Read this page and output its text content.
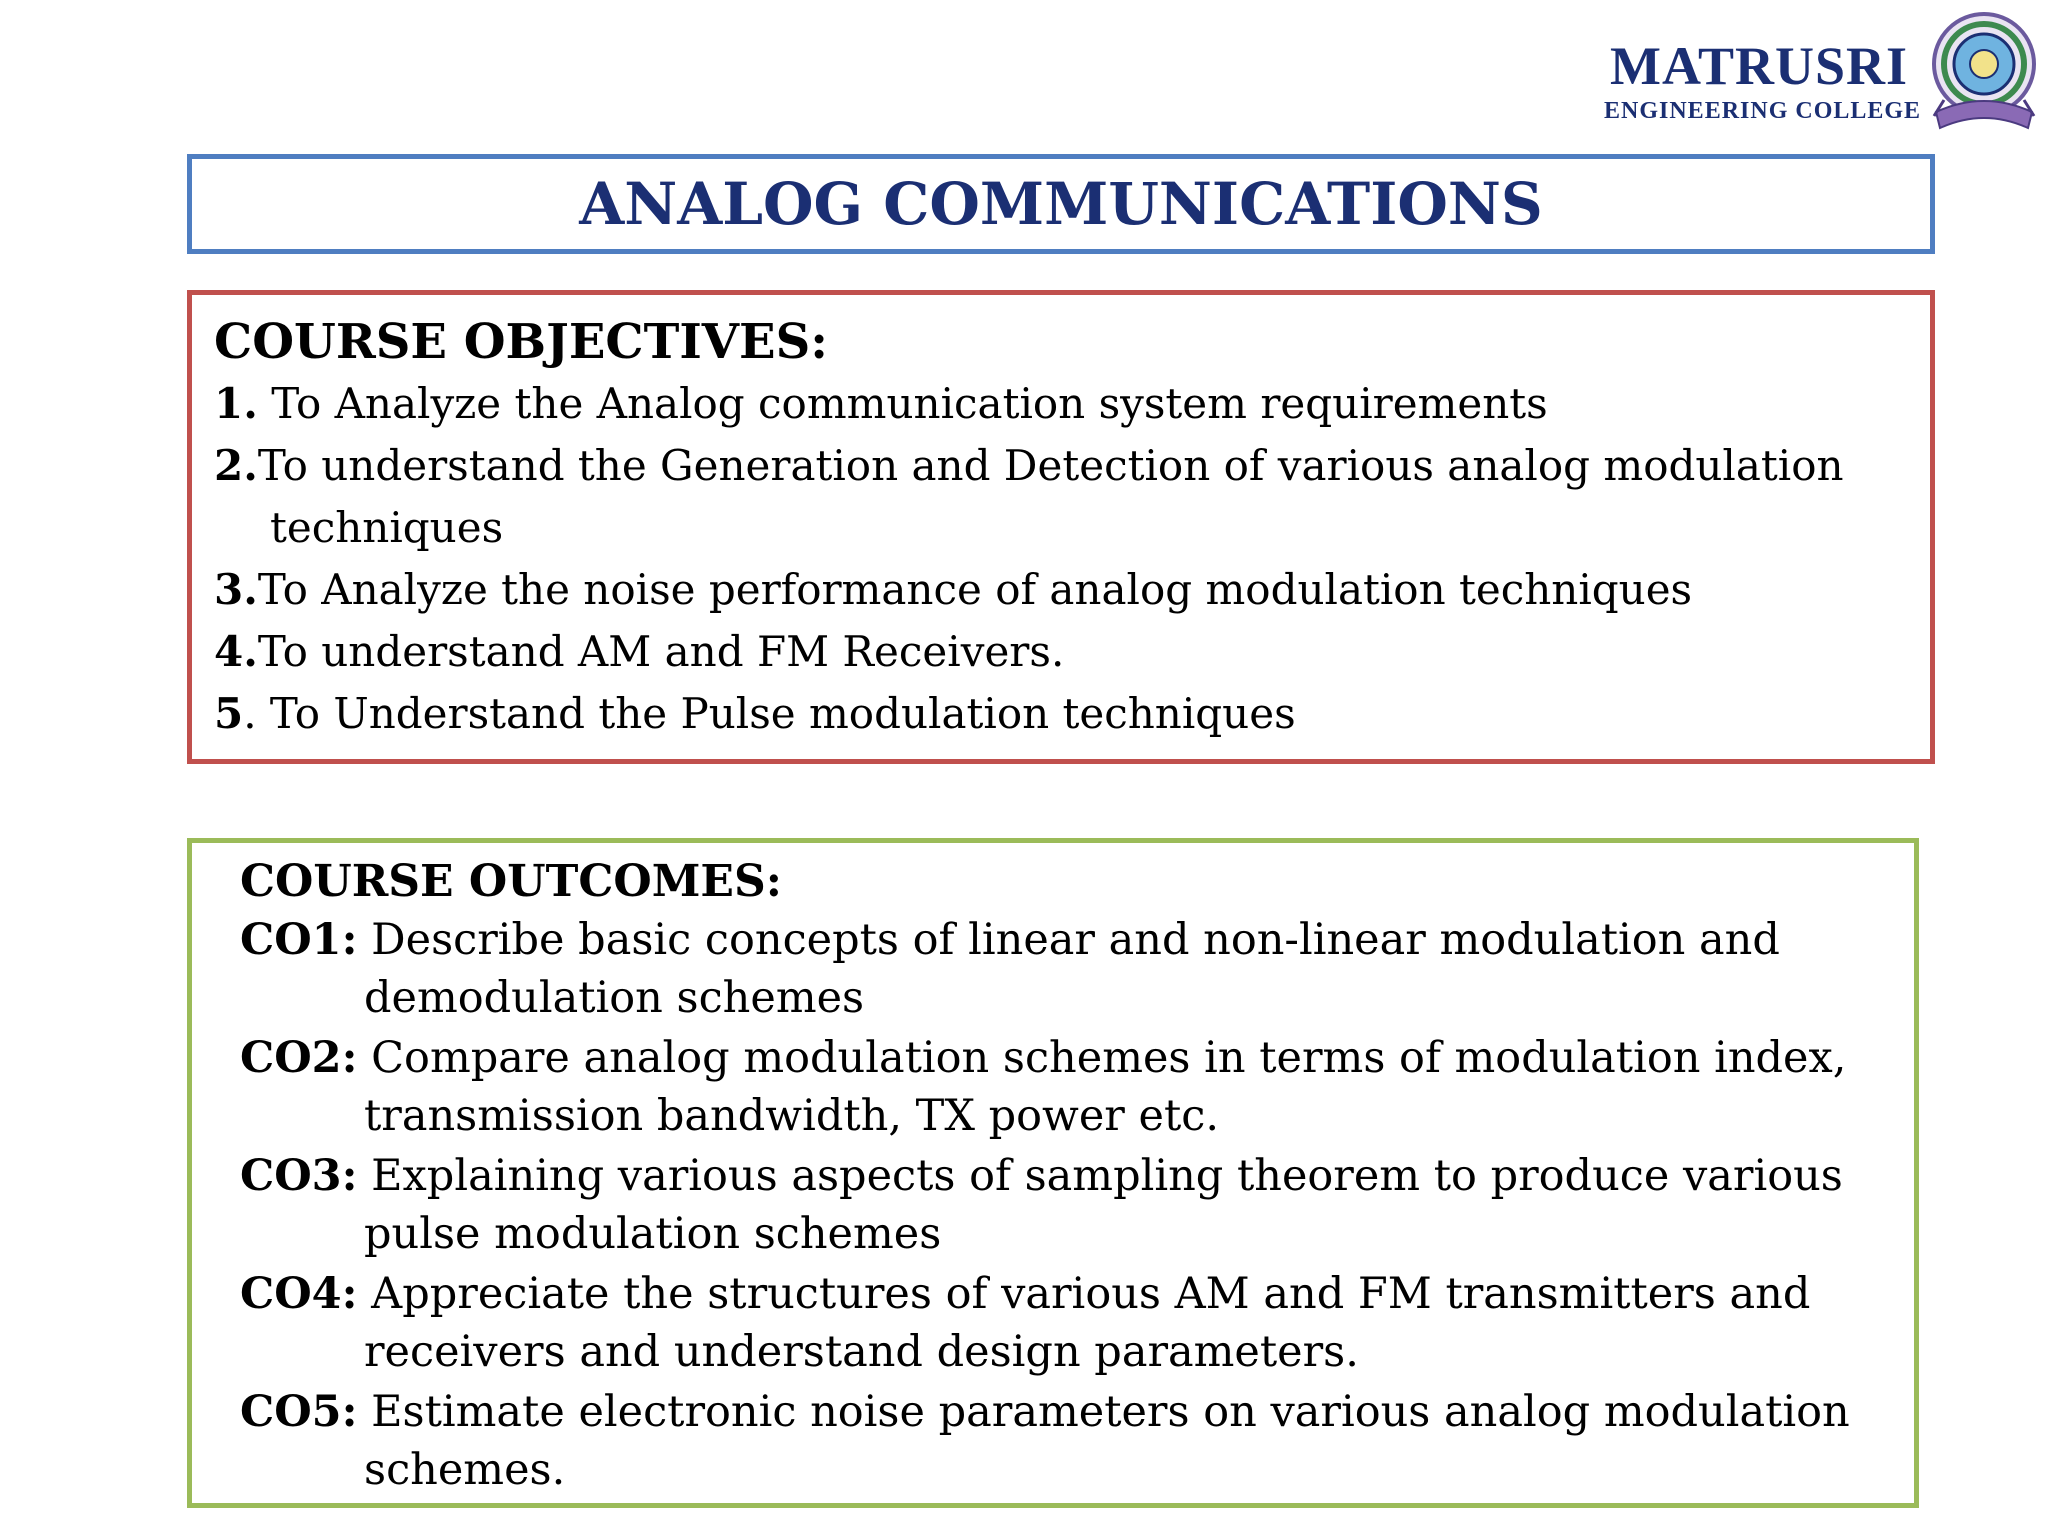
MATRUSRI
ENGINEERING COLLEGE
ANALOG COMMUNICATIONS
COURSE OBJECTIVES:
1. To Analyze the Analog communication system requirements
2.To understand the Generation and Detection of various analog modulation
techniques
3.To Analyze the noise performance of analog modulation techniques
4.To understand AM and FM Receivers.
5. To Understand the Pulse modulation techniques
COURSE OUTCOMES:
CO1: Describe basic concepts of linear and non-linear modulation and
demodulation schemes
CO2: Compare analog modulation schemes in terms of modulation index,
transmission bandwidth, TX power etc.
CO3: Explaining various aspects of sampling theorem to produce various
pulse modulation schemes
CO4: Appreciate the structures of various AM and FM transmitters and
receivers and understand design parameters.
CO5: Estimate electronic noise parameters on various analog modulation
schemes.
